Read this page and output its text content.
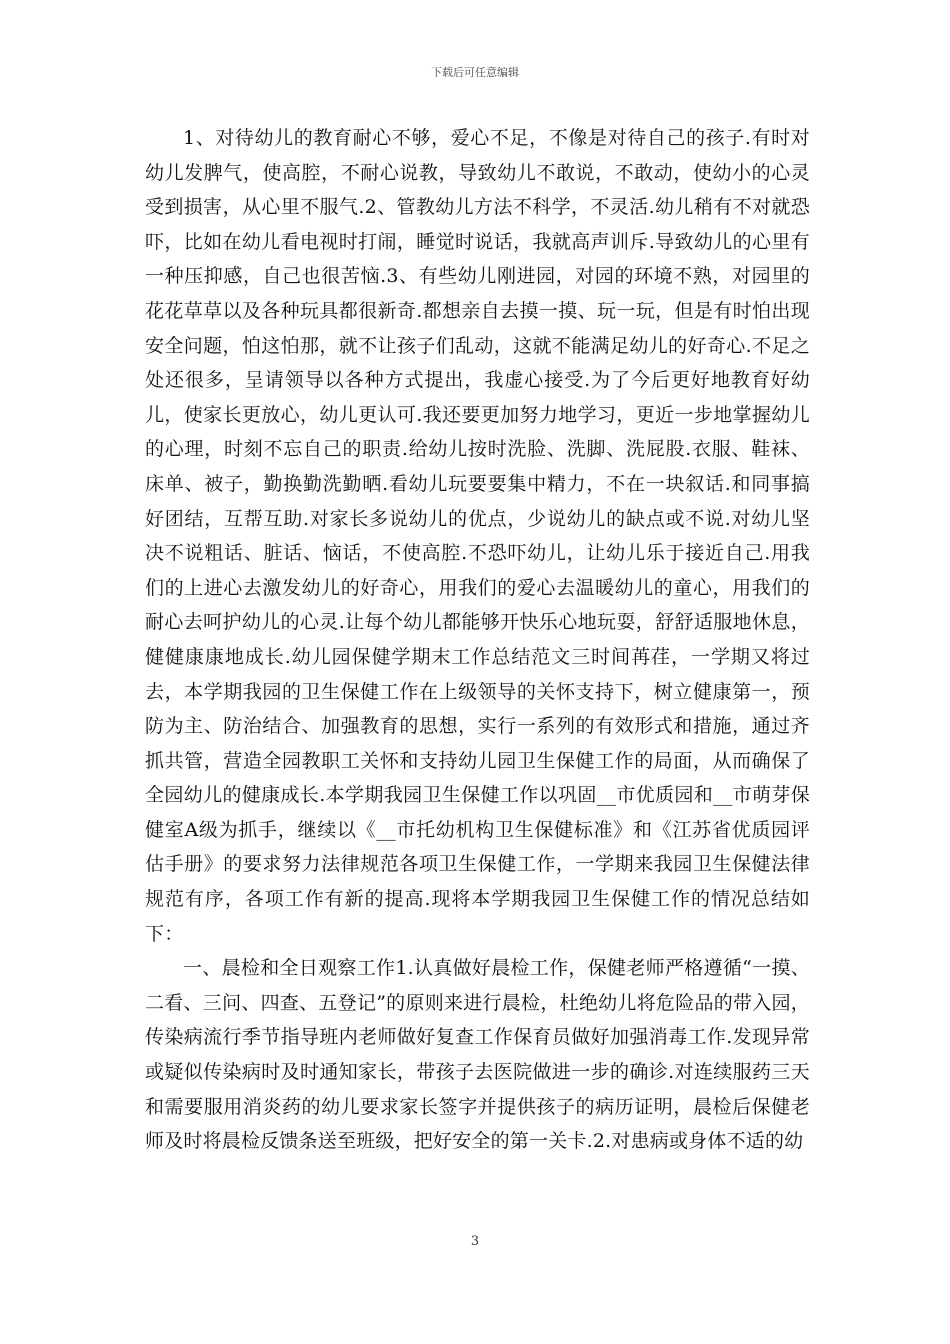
下载后可任意编辑

1、对待幼儿的教育耐心不够，爱心不足，不像是对待自己的孩子.有时对幼儿发脾气，使高腔，不耐心说教，导致幼儿不敢说，不敢动，使幼小的心灵受到损害，从心里不服气.2、管教幼儿方法不科学，不灵活.幼儿稍有不对就恐吓，比如在幼儿看电视时打闹，睡觉时说话，我就高声训斥.导致幼儿的心里有一种压抑感，自己也很苦恼.3、有些幼儿刚进园，对园的环境不熟，对园里的花花草草以及各种玩具都很新奇.都想亲自去摸一摸、玩一玩，但是有时怕出现安全问题，怕这怕那，就不让孩子们乱动，这就不能满足幼儿的好奇心.不足之处还很多，呈请领导以各种方式提出，我虚心接受.为了今后更好地教育好幼儿，使家长更放心，幼儿更认可.我还要更加努力地学习，更近一步地掌握幼儿的心理，时刻不忘自己的职责.给幼儿按时洗脸、洗脚、洗屁股.衣服、鞋袜、床单、被子，勤换勤洗勤晒.看幼儿玩要要集中精力，不在一块叙话.和同事搞好团结，互帮互助.对家长多说幼儿的优点，少说幼儿的缺点或不说.对幼儿坚决不说粗话、脏话、恼话，不使高腔.不恐吓幼儿，让幼儿乐于接近自己.用我们的上进心去激发幼儿的好奇心，用我们的爱心去温暖幼儿的童心，用我们的耐心去呵护幼儿的心灵.让每个幼儿都能够开快乐心地玩耍，舒舒适服地休息，健健康康地成长.幼儿园保健学期末工作总结范文三时间苒荏，一学期又将过去，本学期我园的卫生保健工作在上级领导的关怀支持下，树立健康第一，预防为主、防治结合、加强教育的思想，实行一系列的有效形式和措施，通过齐抓共管，营造全园教职工关怀和支持幼儿园卫生保健工作的局面，从而确保了全园幼儿的健康成长.本学期我园卫生保健工作以巩固__市优质园和__市萌芽保健室A级为抓手，继续以《__市托幼机构卫生保健标准》和《江苏省优质园评估手册》的要求努力法律规范各项卫生保健工作，一学期来我园卫生保健法律规范有序，各项工作有新的提高.现将本学期我园卫生保健工作的情况总结如下：

一、晨检和全日观察工作1.认真做好晨检工作，保健老师严格遵循“一摸、二看、三问、四查、五登记”的原则来进行晨检，杜绝幼儿将危险品的带入园，传染病流行季节指导班内老师做好复查工作保育员做好加强消毒工作.发现异常或疑似传染病时及时通知家长，带孩子去医院做进一步的确诊.对连续服药三天和需要服用消炎药的幼儿要求家长签字并提供孩子的病历证明，晨检后保健老师及时将晨检反馈条送至班级，把好安全的第一关卡.2.对患病或身体不适的幼

3
